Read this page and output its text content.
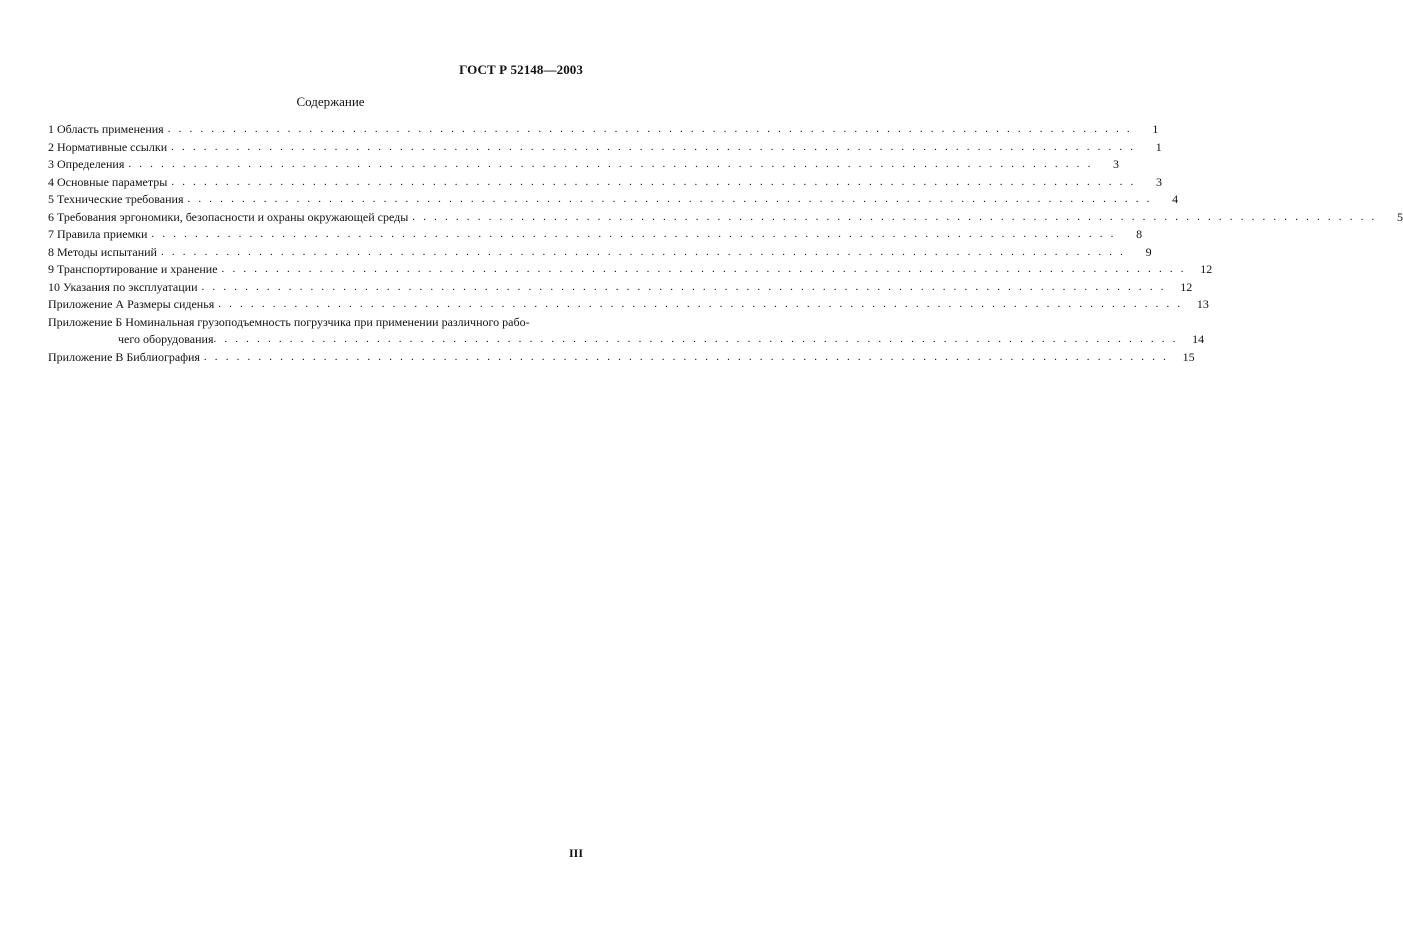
ГОСТ Р 52148—2003
Содержание
1 Область применения . . . . . . . . . . . . . . . . . . . . . . . . . . . . . . . . . . . . . . . . . . . . . . . . . . . . . . . . . . . . . . . . . . . . . . . . . . . . . . . . . . . . . . . . .	1
2 Нормативные ссылки . . . . . . . . . . . . . . . . . . . . . . . . . . . . . . . . . . . . . . . . . . . . . . . . . . . . . . . . . . . . . . . . . . . . . . . . . . . . . . . . . . . . . . . . .	1
3 Определения . . . . . . . . . . . . . . . . . . . . . . . . . . . . . . . . . . . . . . . . . . . . . . . . . . . . . . . . . . . . . . . . . . . . . . . . . . . . . . . . . . . . . . . . .	3
4 Основные параметры . . . . . . . . . . . . . . . . . . . . . . . . . . . . . . . . . . . . . . . . . . . . . . . . . . . . . . . . . . . . . . . . . . . . . . . . . . . . . . . . . . . . . . . . .	3
5 Технические требования . . . . . . . . . . . . . . . . . . . . . . . . . . . . . . . . . . . . . . . . . . . . . . . . . . . . . . . . . . . . . . . . . . . . . . . . . . . . . . . . . . . . . . . . .	4
6 Требования эргономики, безопасности и охраны окружающей среды . . . . . . . . . . . . . . . . . . . . . . . . . . . . . . . . . . . . . . . . . . . . . . . . . . . . . . . . . . . . . . . . . . . . . . . . . . . . . . . . . . . . . . . . .	5
7 Правила приемки . . . . . . . . . . . . . . . . . . . . . . . . . . . . . . . . . . . . . . . . . . . . . . . . . . . . . . . . . . . . . . . . . . . . . . . . . . . . . . . . . . . . . . . . .	8
8 Методы испытаний . . . . . . . . . . . . . . . . . . . . . . . . . . . . . . . . . . . . . . . . . . . . . . . . . . . . . . . . . . . . . . . . . . . . . . . . . . . . . . . . . . . . . . . . .	9
9 Транспортирование и хранение . . . . . . . . . . . . . . . . . . . . . . . . . . . . . . . . . . . . . . . . . . . . . . . . . . . . . . . . . . . . . . . . . . . . . . . . . . . . . . . . . . . . . . . . .	12
10 Указания по эксплуатации . . . . . . . . . . . . . . . . . . . . . . . . . . . . . . . . . . . . . . . . . . . . . . . . . . . . . . . . . . . . . . . . . . . . . . . . . . . . . . . . . . . . . . . . .	12
Приложение А Размеры сиденья . . . . . . . . . . . . . . . . . . . . . . . . . . . . . . . . . . . . . . . . . . . . . . . . . . . . . . . . . . . . . . . . . . . . . . . . . . . . . . . . . . . . . . . . .	13
Приложение Б Номинальная грузоподъемность погрузчика при применении различного рабо-
чего оборудования . . . . . . . . . . . . . . . . . . . . . . . . . . . . . . . . . . . . . . . . . . . . . . . . . . . . . . . . . . . . . . . . . . . . . . . . . . . . . . . . . . . . . . . . .	14
Приложение В Библиография . . . . . . . . . . . . . . . . . . . . . . . . . . . . . . . . . . . . . . . . . . . . . . . . . . . . . . . . . . . . . . . . . . . . . . . . . . . . . . . . . . . . . . . . .	15
III
